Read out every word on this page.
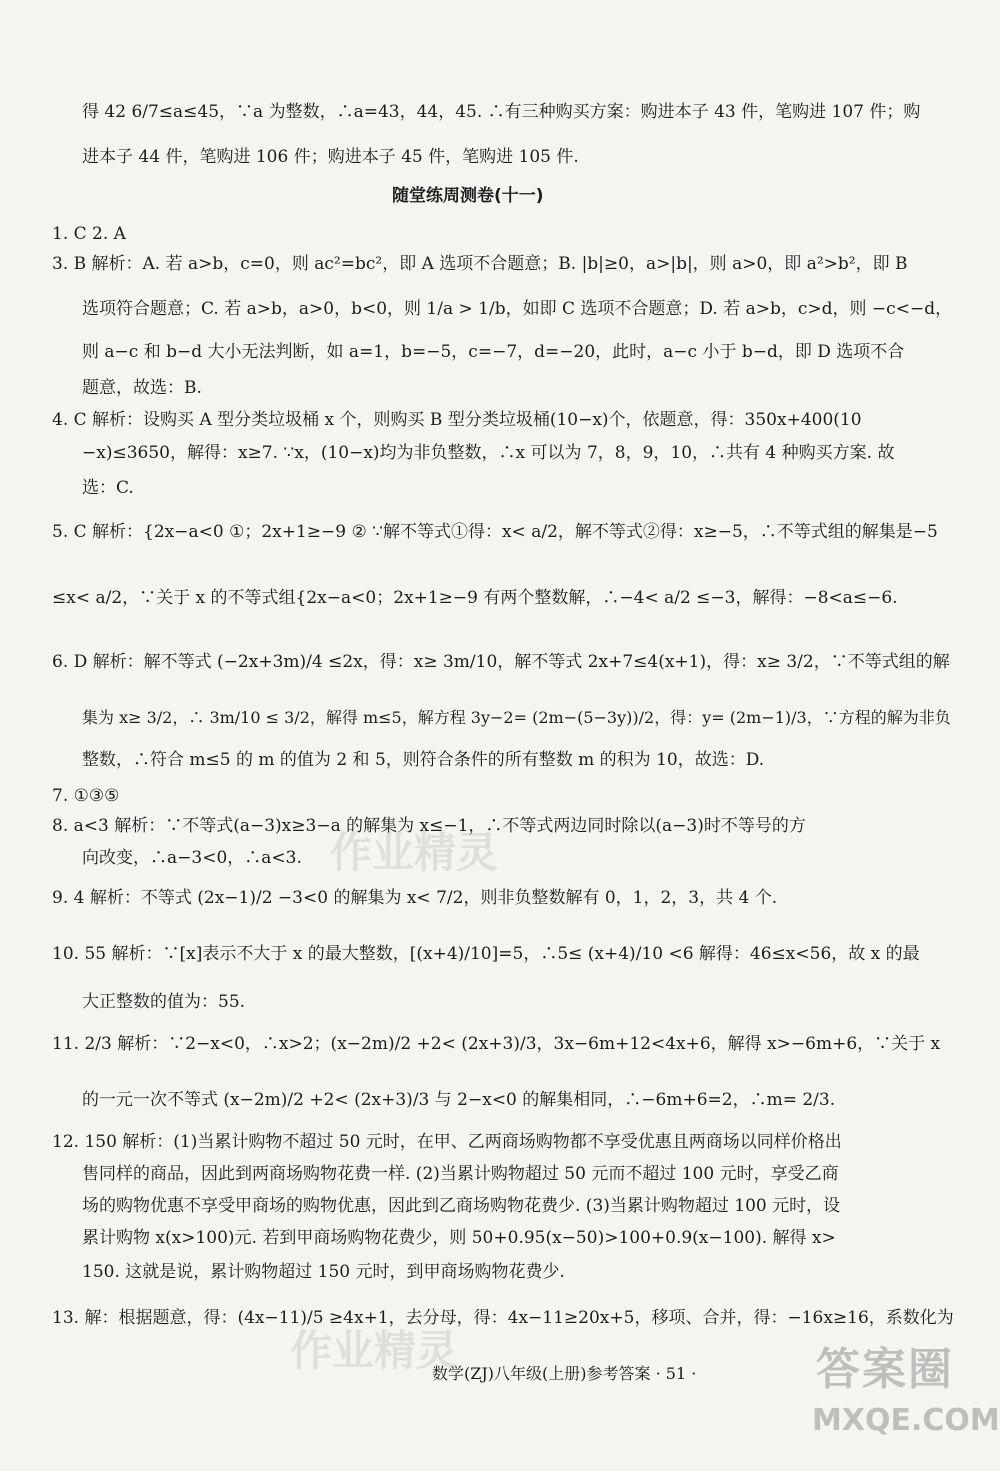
得 42 6/7≤a≤45，∵a 为整数，∴a=43，44，45. ∴有三种购买方案：购进本子 43 件，笔购进 107 件；购
进本子 44 件，笔购进 106 件；购进本子 45 件，笔购进 105 件.
随堂练周测卷(十一)
1. C 2. A
3. B 解析：A. 若 a>b，c=0，则 ac²=bc²，即 A 选项不合题意；B. |b|≥0，a>|b|，则 a>0，即 a²>b²，即 B
选项符合题意；C. 若 a>b，a>0，b<0，则 1/a > 1/b，如即 C 选项不合题意；D. 若 a>b，c>d，则 −c<−d，
则 a−c 和 b−d 大小无法判断，如 a=1，b=−5，c=−7，d=−20，此时，a−c 小于 b−d，即 D 选项不合
题意，故选：B.
4. C 解析：设购买 A 型分类垃圾桶 x 个，则购买 B 型分类垃圾桶(10−x)个，依题意，得：350x+400(10
−x)≤3650，解得：x≥7. ∵x，(10−x)均为非负整数，∴x 可以为 7，8，9，10，∴共有 4 种购买方案. 故
选：C.
5. C 解析：{2x−a<0 ①；2x+1≥−9 ② ∵解不等式①得：x< a/2，解不等式②得：x≥−5，∴不等式组的解集是−5
≤x< a/2，∵关于 x 的不等式组{2x−a<0；2x+1≥−9 有两个整数解，∴−4< a/2 ≤−3，解得：−8<a≤−6.
6. D 解析：解不等式 (−2x+3m)/4 ≤2x，得：x≥ 3m/10，解不等式 2x+7≤4(x+1)，得：x≥ 3/2，∵不等式组的解
集为 x≥ 3/2，∴ 3m/10 ≤ 3/2，解得 m≤5，解方程 3y−2= (2m−(5−3y))/2，得：y= (2m−1)/3，∵方程的解为非负
整数，∴符合 m≤5 的 m 的值为 2 和 5，则符合条件的所有整数 m 的积为 10，故选：D.
7. ①③⑤
8. a<3 解析：∵不等式(a−3)x≥3−a 的解集为 x≤−1，∴不等式两边同时除以(a−3)时不等号的方
向改变，∴a−3<0，∴a<3.
9. 4 解析：不等式 (2x−1)/2 −3<0 的解集为 x< 7/2，则非负整数解有 0，1，2，3，共 4 个.
10. 55 解析：∵[x]表示不大于 x 的最大整数，[(x+4)/10]=5，∴5≤ (x+4)/10 <6 解得：46≤x<56，故 x 的最
大正整数的值为：55.
11. 2/3 解析：∵2−x<0，∴x>2；(x−2m)/2 +2< (2x+3)/3，3x−6m+12<4x+6，解得 x>−6m+6，∵关于 x
的一元一次不等式 (x−2m)/2 +2< (2x+3)/3 与 2−x<0 的解集相同，∴−6m+6=2，∴m= 2/3.
12. 150 解析：(1)当累计购物不超过 50 元时，在甲、乙两商场购物都不享受优惠且两商场以同样价格出
售同样的商品，因此到两商场购物花费一样. (2)当累计购物超过 50 元而不超过 100 元时，享受乙商
场的购物优惠不享受甲商场的购物优惠，因此到乙商场购物花费少. (3)当累计购物超过 100 元时，设
累计购物 x(x>100)元. 若到甲商场购物花费少，则 50+0.95(x−50)>100+0.9(x−100). 解得 x>
150. 这就是说，累计购物超过 150 元时，到甲商场购物花费少.
13. 解：根据题意，得：(4x−11)/5 ≥4x+1，去分母，得：4x−11≥20x+5，移项、合并，得：−16x≥16，系数化为
数学(ZJ)八年级(上册)参考答案 · 51 ·
作业精灵
作业精灵	答案圈
MXQE.COM
